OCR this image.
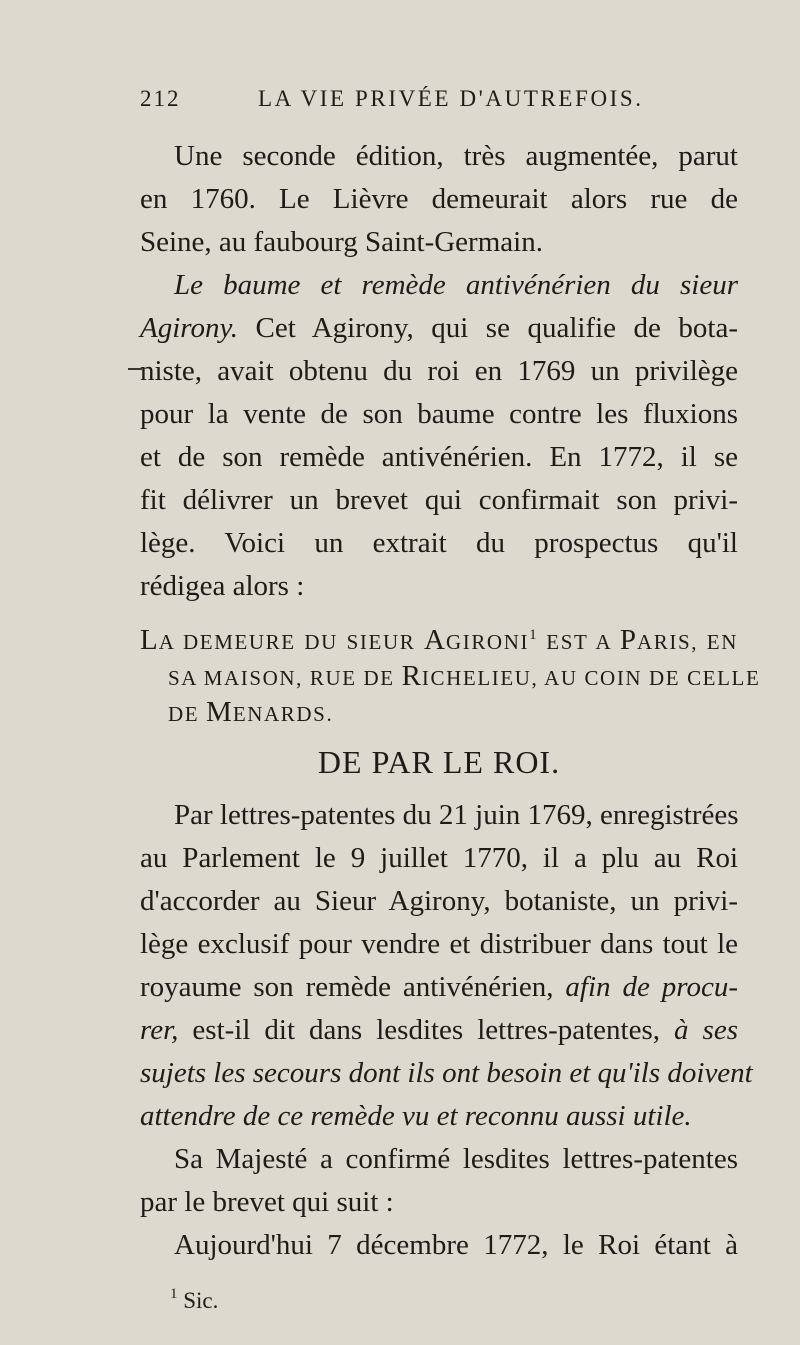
212	LA VIE PRIVÉE D'AUTREFOIS.
Une seconde édition, très augmentée, parut
en 1760. Le Lièvre demeurait alors rue de
Seine, au faubourg Saint-Germain.
Le baume et remède antivénérien du sieur
Agirony. Cet Agirony, qui se qualifie de bota-
niste, avait obtenu du roi en 1769 un privilège
pour la vente de son baume contre les fluxions
et de son remède antivénérien. En 1772, il se
fit délivrer un brevet qui confirmait son privi-
lège. Voici un extrait du prospectus qu'il
rédigea alors :
LA DEMEURE DU SIEUR AGIRONI$^1$ EST A PARIS, EN
SA MAISON, RUE DE RICHELIEU, AU COIN DE CELLE
DE MENARDS.
DE PAR LE ROI.
Par lettres-patentes du 21 juin 1769, enregistrées
au Parlement le 9 juillet 1770, il a plu au Roi
d'accorder au Sieur Agirony, botaniste, un privi-
lège exclusif pour vendre et distribuer dans tout le
royaume son remède antivénérien, afin de procu-
rer, est-il dit dans lesdites lettres-patentes, à ses
sujets les secours dont ils ont besoin et qu'ils doivent
attendre de ce remède vu et reconnu aussi utile.
Sa Majesté a confirmé lesdites lettres-patentes
par le brevet qui suit :
Aujourd'hui 7 décembre 1772, le Roi étant à
$^1$ Sic.
